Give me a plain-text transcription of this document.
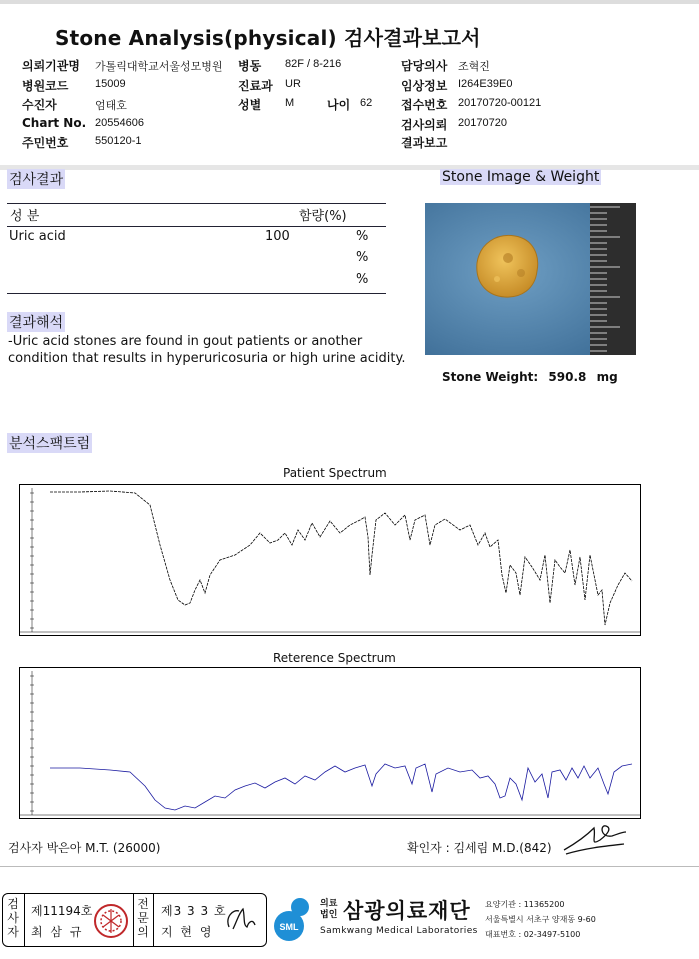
Stone Analysis(physical) 검사결과보고서
의뢰기관명 가톨릭대학교서울성모병원 병동 82F / 8-216	담당의사 조혁진
병원코드 15009	진료과 UR	임상정보 I264E39E0
수진자	엄태호	성별 M	나이 62 접수번호 20170720-00121
Chart No. 20554606	검사의뢰 20170720
주민번호 550120-1	결과보고
검사결과
성 분	함량(%)
Uric acid	100	%
%
%
결과해석
-Uric acid stones are found in gout patients or another condition that results in hyperuricosuria or high urine acidity.
Stone Image & Weight
Stone Weight: 590.8 mg
분석스팩트럼
Patient Spectrum
Reterence Spectrum
검사자 박은아 M.T. (26000)	확인자 : 김세림 M.D.(842)
검사자
제11194호
최 삼 규
전문의
제3 3 3 호
지 현 영	SML
의료
법인 삼광의료재단
Samkwang Medical Laboratories
요양기관 : 11365200
서울특별시 서초구 양재동 9-60
대표번호 : 02-3497-5100
